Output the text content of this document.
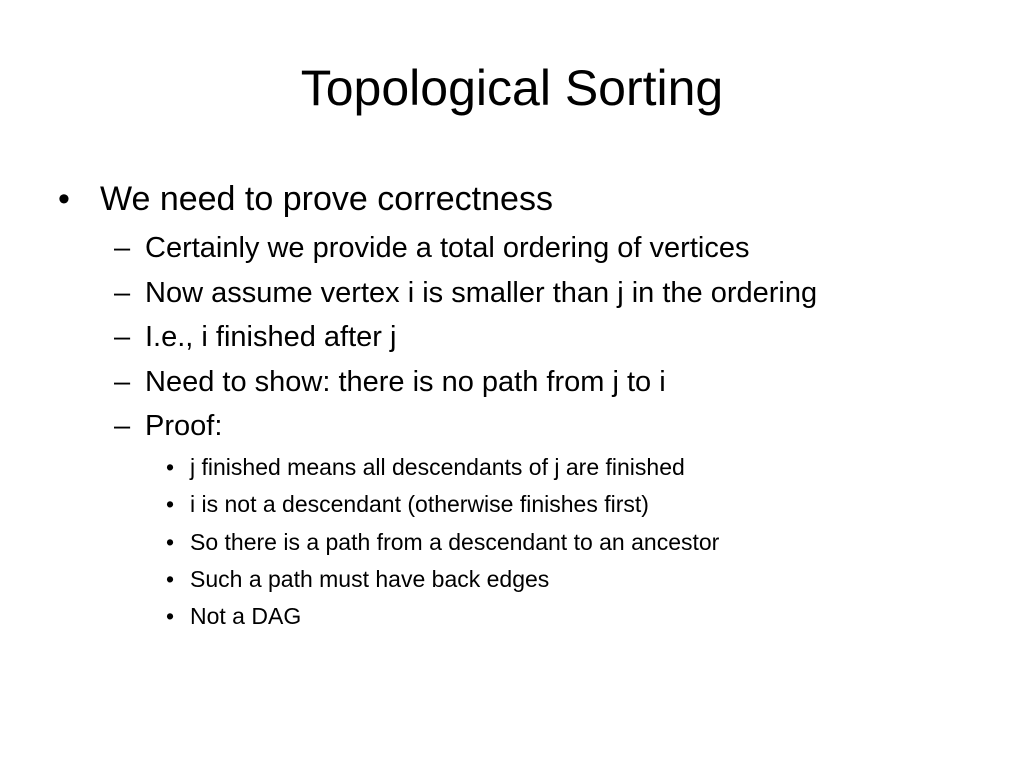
Topological Sorting
• We need to prove correctness
– Certainly we provide a total ordering of vertices
– Now assume vertex i is smaller than j in the ordering
– I.e., i finished after j
– Need to show: there is no path from j to i
– Proof:
• j finished means all descendants of j are finished
• i is not a descendant (otherwise finishes first)
• So there is a path from a descendant to an ancestor
• Such a path must have back edges
• Not a DAG
